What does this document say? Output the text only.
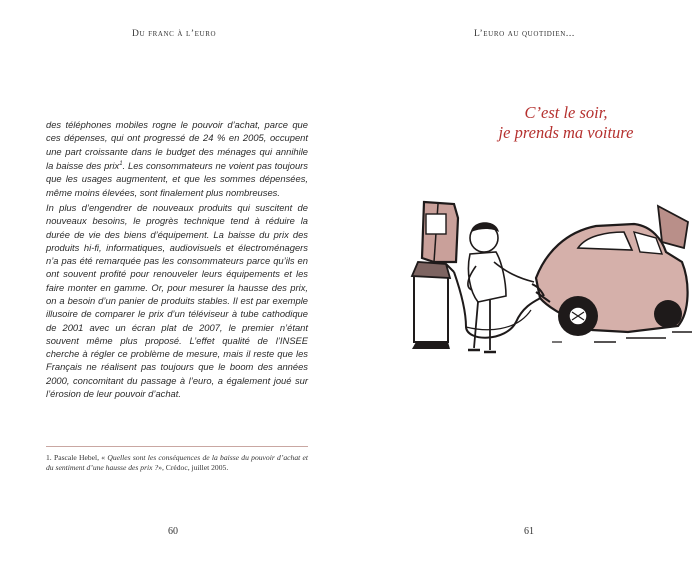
Du franc à l’euro

des téléphones mobiles rogne le pouvoir d’achat, parce que ces dépenses, qui ont progressé de 24 % en 2005, occupent une part croissante dans le budget des ménages qui annihile la baisse des prix$^1$. Les consommateurs ne voient pas toujours que les usages augmentent, et que les sommes dépensées, même moins élevées, sont finalement plus nombreuses.

In plus d’engendrer de nouveaux produits qui suscitent de nouveaux besoins, le progrès technique tend à réduire la durée de vie des biens d’équipement. La baisse du prix des produits hi-fi, informatiques, audiovisuels et électroménagers n’a pas été remarquée pas les consommateurs parce qu’ils en ont souvent profité pour renouveler leurs équipements et les faire monter en gamme. Or, pour mesurer la hausse des prix, on a besoin d’un panier de produits stables. Il est par exemple illusoire de comparer le prix d’un téléviseur à tube cathodique de 2001 avec un écran plat de 2007, le premier n’étant souvent même plus proposé. L’effet qualité de l’INSEE cherche à régler ce problème de mesure, mais il reste que les Français ne réalisent pas toujours que le boom des années 2000, concomitant du passage à l’euro, a également joué sur l’érosion de leur pouvoir d’achat.

1. Pascale Hebel, « Quelles sont les conséquences de la baisse du pouvoir d’achat et du sentiment d’une hausse des prix ?», Crédoc, juillet 2005.
60
L’euro au quotidien...
C’est le soir,
je prends ma voiture
61
